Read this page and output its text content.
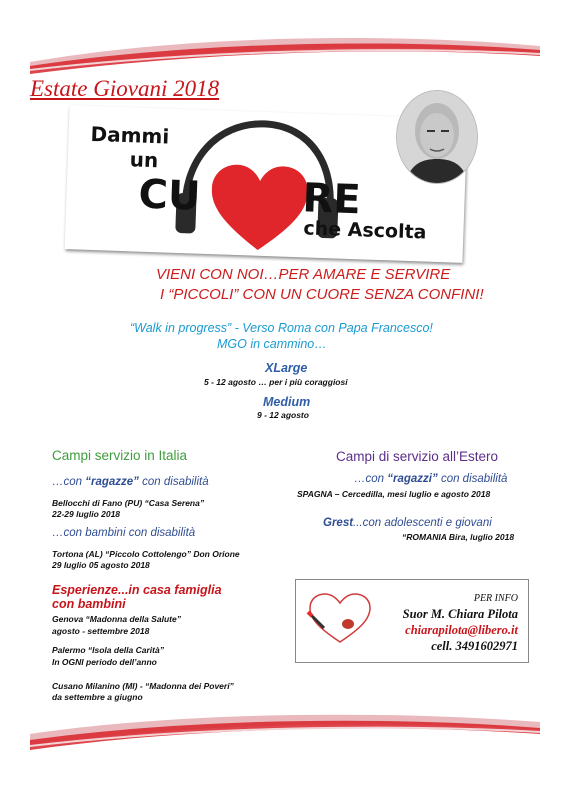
Estate Giovani 2018
Dammi
un
CU	RE
che Ascolta
VIENI CON NOI…PER AMARE E SERVIRE
I “PICCOLI” CON UN CUORE SENZA CONFINI!
“Walk in progress” - Verso Roma con Papa Francesco!
MGO in cammino…
XLarge
5 - 12 agosto … per i più coraggiosi
Medium
9 - 12 agosto
Campi servizio in Italia
…con “ragazze” con disabilità
Bellocchi di Fano (PU) “Casa Serena”
22-29 luglio 2018
…con bambini con disabilità
Tortona (AL) “Piccolo Cottolengo” Don Orione
29 luglio 05 agosto 2018
Esperienze...in casa famiglia
con bambini
Genova “Madonna della Salute”
agosto - settembre 2018
Palermo “Isola della Carità”
In OGNI periodo dell’anno
Cusano Milanino (MI) - “Madonna dei Poveri”
da settembre a giugno
Campi di servizio all’Estero
…con “ragazzi” con disabilità
SPAGNA – Cercedilla, mesi luglio e agosto 2018
Grest...con adolescenti e giovani
“ROMANIA Bira, luglio 2018
PER INFO
Suor M. Chiara Pilota
chiarapilota@libero.it
cell. 3491602971
